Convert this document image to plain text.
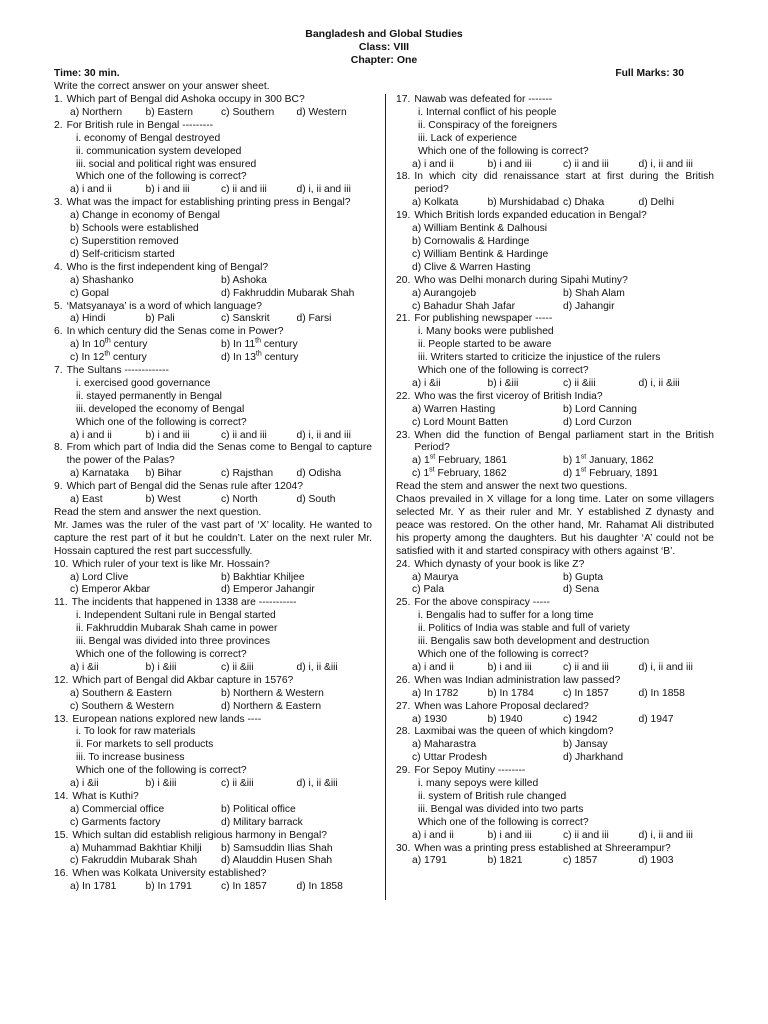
Bangladesh and Global Studies
Class: VIII
Chapter: One
Time: 30 min.	Full Marks: 30
Write the correct answer on your answer sheet.
1. Which part of Bengal did Ashoka occupy in 300 BC?
a) Northern	b) Eastern	c) Southern	d) Western
2. For British rule in Bengal ---------
i. economy of Bengal destroyed
ii. communication system developed
iii. social and political right was ensured
Which one of the following is correct?
a) i and ii	b) i and iii	c) ii and iii	d) i, ii and iii
3. What was the impact for establishing printing press in Bengal?
a) Change in economy of Bengal
b) Schools were established
c) Superstition removed
d) Self-criticism started
4. Who is the first independent king of Bengal?
a) Shashanko	b) Ashoka
c) Gopal	d) Fakhruddin Mubarak Shah
5. ‘Matsyanaya’ is a word of which language?
a) Hindi	b) Pali	c) Sanskrit	d) Farsi
6. In which century did the Senas come in Power?
a) In 10th century	b) In 11th century
c) In 12th century	d) In 13th century
7. The Sultans -------------
i. exercised good governance
ii. stayed permanently in Bengal
iii. developed the economy of Bengal
Which one of the following is correct?
a) i and ii	b) i and iii	c) ii and iii	d) i, ii and iii
8. From which part of India did the Senas come to Bengal to capture the power of the Palas?
a) Karnataka	b) Bihar	c) Rajsthan	d) Odisha
9. Which part of Bengal did the Senas rule after 1204?
a) East	b) West	c) North	d) South
Read the stem and answer the next question.
Mr. James was the ruler of the vast part of ‘X’ locality. He wanted to capture the rest part of it but he couldn’t. Later on the next ruler Mr. Hossain captured the rest part successfully.
10. Which ruler of your text is like Mr. Hossain?
a) Lord Clive	b) Bakhtiar Khiljee
c) Emperor Akbar	d) Emperor Jahangir
11. The incidents that happened in 1338 are -----------
i. Independent Sultani rule in Bengal started
ii. Fakhruddin Mubarak Shah came in power
iii. Bengal was divided into three provinces
Which one of the following is correct?
a) i &ii	b) i &iii	c) ii &iii	d) i, ii &iii
12. Which part of Bengal did Akbar capture in 1576?
a) Southern & Eastern	b) Northern & Western
c) Southern & Western	d) Northern & Eastern
13. European nations explored new lands ----
i. To look for raw materials
ii. For markets to sell products
iii. To increase business
Which one of the following is correct?
a) i &ii	b) i &iii	c) ii &iii	d) i, ii &iii
14. What is Kuthi?
a) Commercial office	b) Political office
c) Garments factory	d) Military barrack
15. Which sultan did establish religious harmony in Bengal?
a) Muhammad Bakhtiar Khilji	b) Samsuddin Ilias Shah
c) Fakruddin Mubarak Shah	d) Alauddin Husen Shah
16. When was Kolkata University established?
a) In 1781	b) In 1791	c) In 1857	d) In 1858
17. Nawab was defeated for -------
i. Internal conflict of his people
ii. Conspiracy of the foreigners
iii. Lack of experience
Which one of the following is correct?
a) i and ii	b) i and iii	c) ii and iii	d) i, ii and iii
18. In which city did renaissance start at first during the British period?
a) Kolkata	b) Murshidabad c) Dhaka	d) Delhi
19. Which British lords expanded education in Bengal?
a) William Bentink & Dalhousi
b) Cornowalis & Hardinge
c) William Bentink & Hardinge
d) Clive & Warren Hasting
20. Who was Delhi monarch during Sipahi Mutiny?
a) Aurangojeb	b) Shah Alam
c) Bahadur Shah Jafar	d) Jahangir
21. For publishing newspaper -----
i. Many books were published
ii. People started to be aware
iii. Writers started to criticize the injustice of the rulers
Which one of the following is correct?
a) i &ii	b) i &iii	c) ii &iii	d) i, ii &iii
22. Who was the first viceroy of British India?
a) Warren Hasting	b) Lord Canning
c) Lord Mount Batten	d) Lord Curzon
23. When did the function of Bengal parliament start in the British Period?
a) 1st February, 1861	b) 1st January, 1862
c) 1st February, 1862	d) 1st February, 1891
Read the stem and answer the next two questions.
Chaos prevailed in X village for a long time. Later on some villagers selected Mr. Y as their ruler and Mr. Y established Z dynasty and peace was restored. On the other hand, Mr. Rahamat Ali distributed his property among the daughters. But his daughter ‘A’ could not be satisfied with it and started conspiracy with others against ‘B’.
24. Which dynasty of your book is like Z?
a) Maurya	b) Gupta
c) Pala	d) Sena
25. For the above conspiracy -----
i. Bengalis had to suffer for a long time
ii. Politics of India was stable and full of variety
iii. Bengalis saw both development and destruction
Which one of the following is correct?
a) i and ii	b) i and iii	c) ii and iii	d) i, ii and iii
26. When was Indian administration law passed?
a) In 1782	b) In 1784	c) In 1857	d) In 1858
27. When was Lahore Proposal declared?
a) 1930	b) 1940	c) 1942	d) 1947
28. Laxmibai was the queen of which kingdom?
a) Maharastra	b) Jansay
c) Uttar Prodesh	d) Jharkhand
29. For Sepoy Mutiny --------
i. many sepoys were killed
ii. system of British rule changed
iii. Bengal was divided into two parts
Which one of the following is correct?
a) i and ii	b) i and iii	c) ii and iii	d) i, ii and iii
30. When was a printing press established at Shreerampur?
a) 1791	b) 1821	c) 1857	d) 1903
